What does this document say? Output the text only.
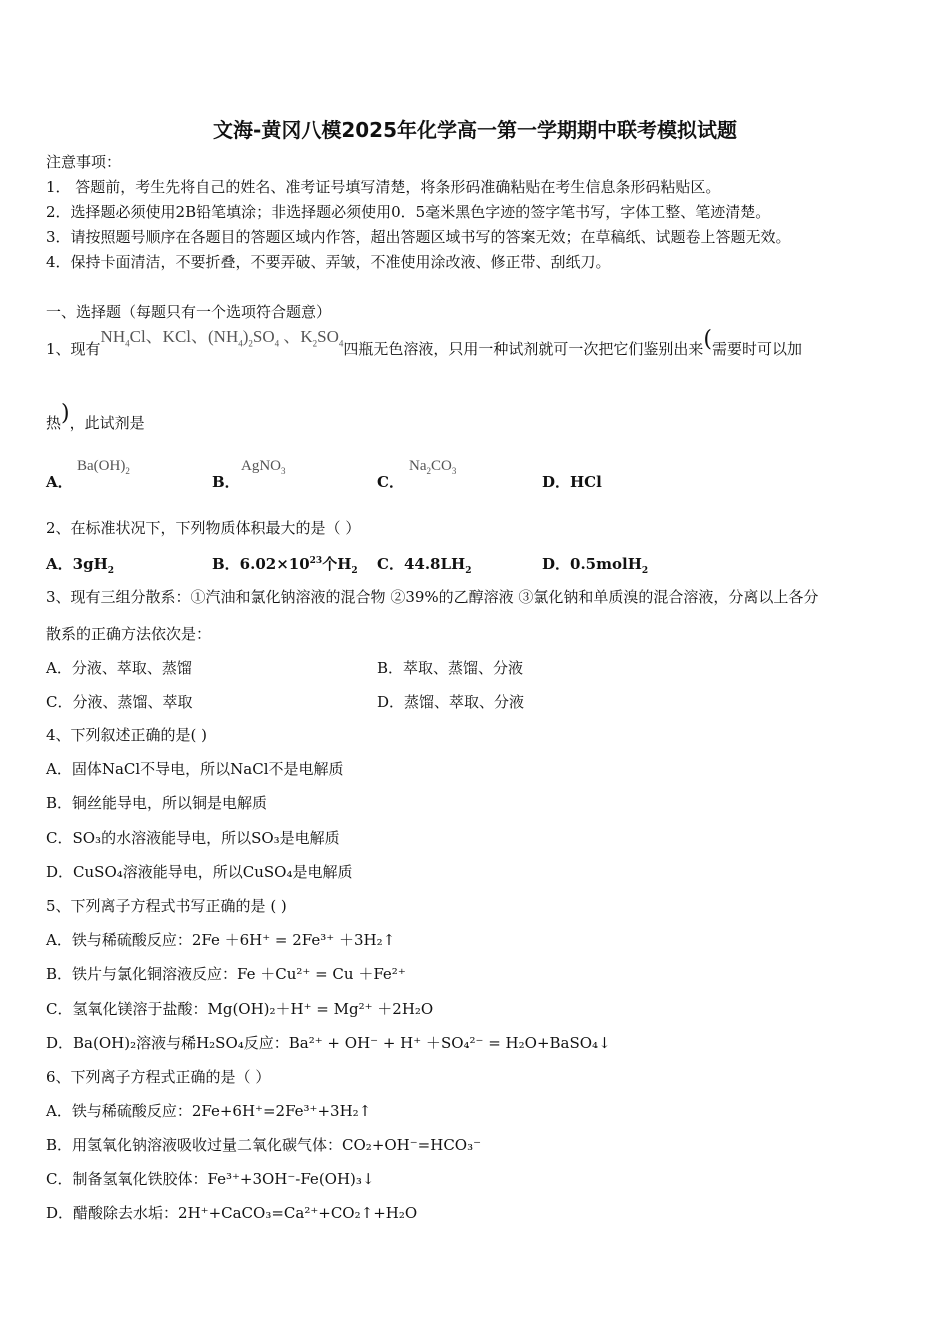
文海-黄冈八模2025年化学高一第一学期期中联考模拟试题
注意事项：
1． 答题前，考生先将自己的姓名、准考证号填写清楚，将条形码准确粘贴在考生信息条形码粘贴区。
2．选择题必须使用2B铅笔填涂；非选择题必须使用0．5毫米黑色字迹的签字笔书写，字体工整、笔迹清楚。
3．请按照题号顺序在各题目的答题区域内作答，超出答题区域书写的答案无效；在草稿纸、试题卷上答题无效。
4．保持卡面清洁，不要折叠，不要弄破、弄皱，不准使用涂改液、修正带、刮纸刀。
一、选择题（每题只有一个选项符合题意）
1、现有$NH_4Cl$、KCl、$(NH_4)_2SO_4$ 、$K_2SO_4$四瓶无色溶液，只用一种试剂就可一次把它们鉴别出来(需要时可以加
热)，此试剂是
A．
$Ba(OH)_2$
B．
AgNO$_3$
C．
$Na_2CO_3$
D．HCl
2、在标准状况下，下列物质体积最大的是（ ）
A．$3gH_2$	B．$6.02\times 10^{23}$个$H_2$ C．$44.8LH_2$	D．0.5molH$_2$
3、现有三组分散系：①汽油和氯化钠溶液的混合物 ②39%的乙醇溶液 ③氯化钠和单质溴的混合溶液，分离以上各分
散系的正确方法依次是：
A．分液、萃取、蒸馏	B．萃取、蒸馏、分液
C．分液、蒸馏、萃取	D．蒸馏、萃取、分液
4、下列叙述正确的是( )
A．固体NaCl不导电，所以NaCl不是电解质
B．铜丝能导电，所以铜是电解质
C．SO₃的水溶液能导电，所以SO₃是电解质
D．CuSO₄溶液能导电，所以CuSO₄是电解质
5、下列离子方程式书写正确的是 ( )
A．铁与稀硫酸反应：2Fe ＋6H⁺ = 2Fe³⁺ ＋3H₂↑
B．铁片与氯化铜溶液反应：Fe ＋Cu²⁺ = Cu ＋Fe²⁺
C．氢氧化镁溶于盐酸：Mg(OH)₂＋H⁺ = Mg²⁺ ＋2H₂O
D．Ba(OH)₂溶液与稀H₂SO₄反应：Ba²⁺ + OH⁻ + H⁺ ＋SO₄²⁻ = H₂O+BaSO₄↓
6、下列离子方程式正确的是（ ）
A．铁与稀硫酸反应：2Fe+6H⁺=2Fe³⁺+3H₂↑
B．用氢氧化钠溶液吸收过量二氧化碳气体：CO₂+OH⁻=HCO₃⁻
C．制备氢氧化铁胶体：Fe³⁺+3OH⁻-Fe(OH)₃↓
D．醋酸除去水垢：2H⁺+CaCO₃=Ca²⁺+CO₂↑+H₂O
